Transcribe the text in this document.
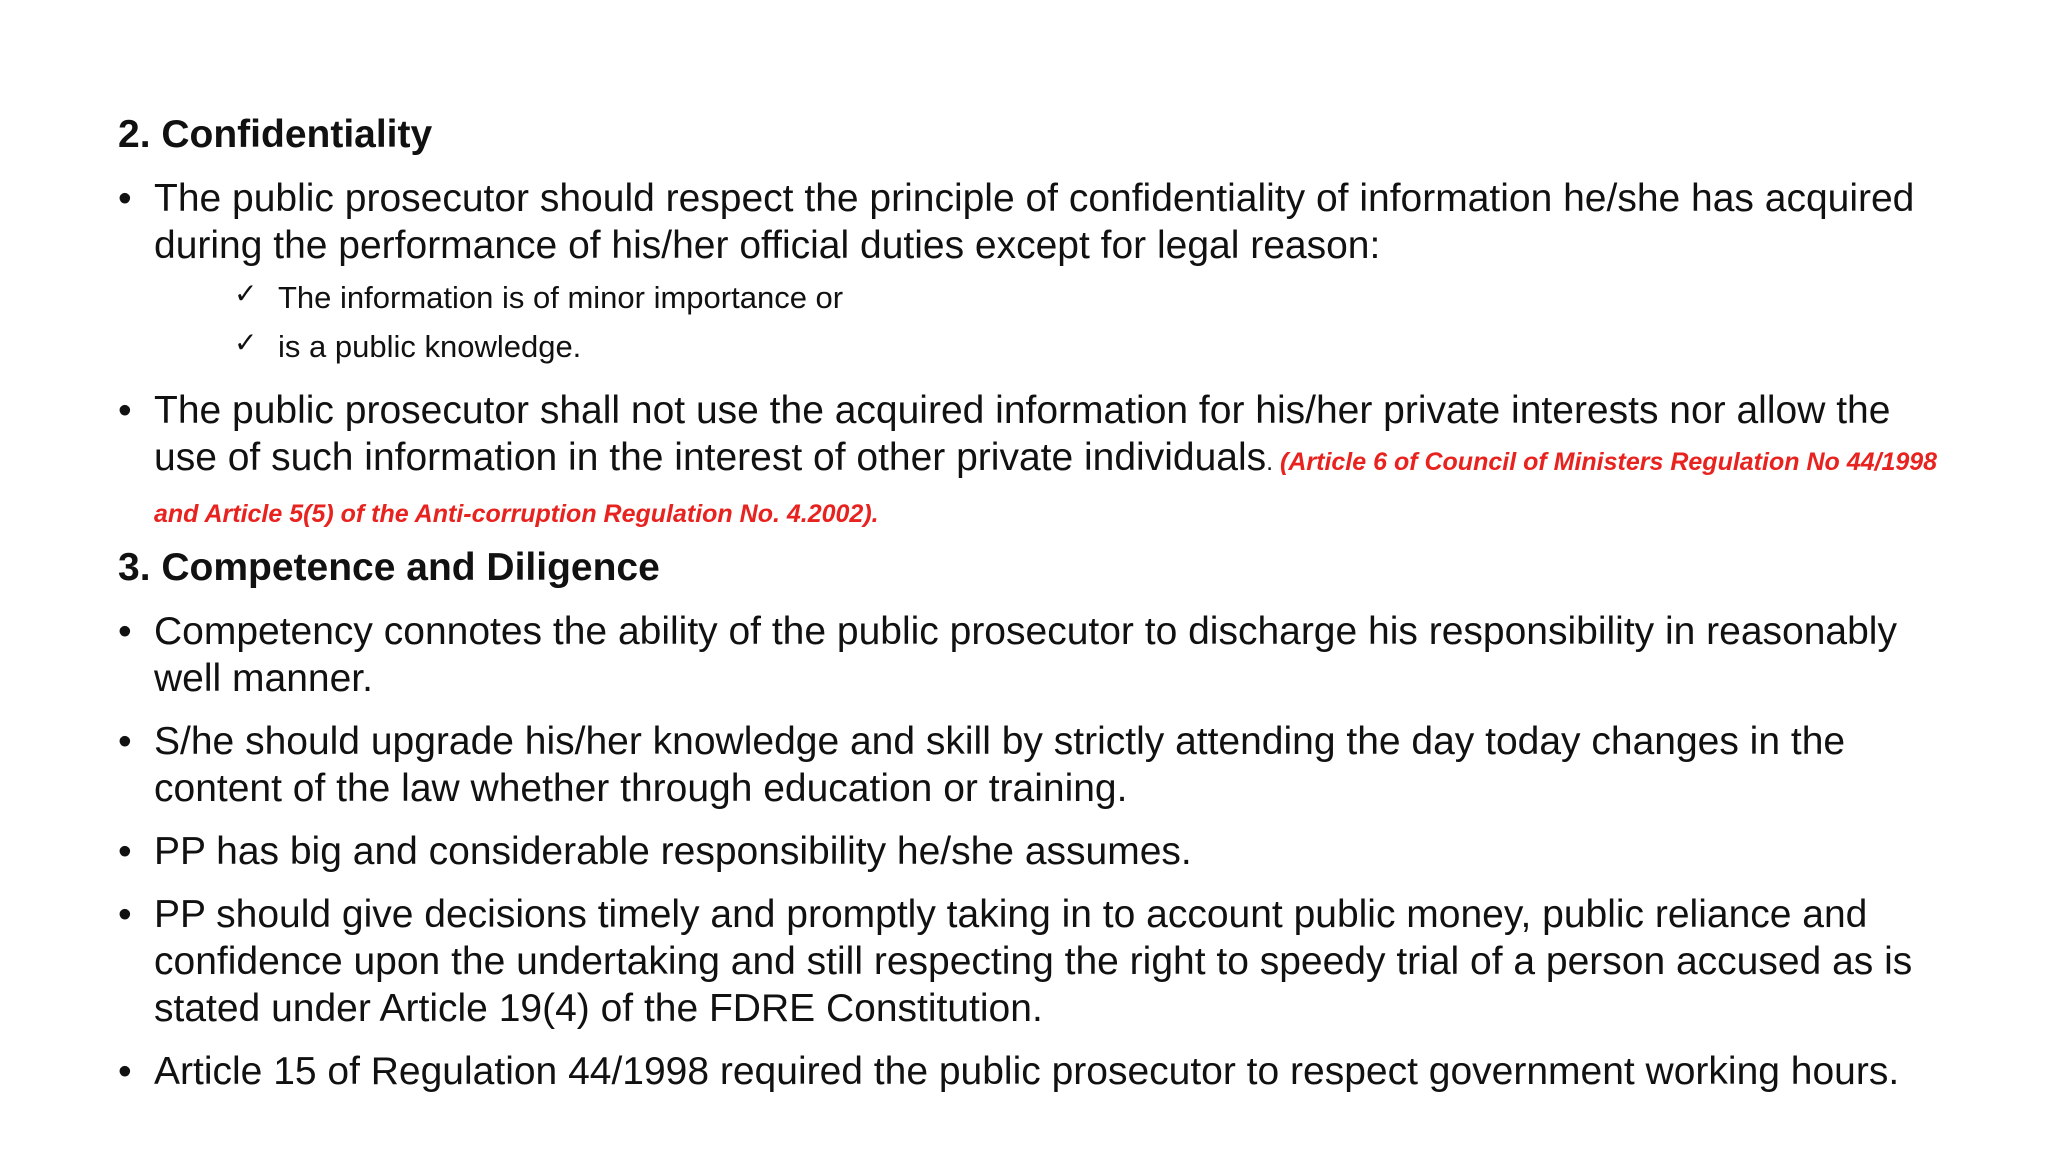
2. Confidentiality
• The public prosecutor should respect the principle of confidentiality of information he/she has acquired during the performance of his/her official duties except for legal reason:
✓ The information is of minor importance or
✓ is a public knowledge.
• The public prosecutor shall not use the acquired information for his/her private interests nor allow the use of such information in the interest of other private individuals. (Article 6 of Council of Ministers Regulation No 44/1998 and Article 5(5) of the Anti-corruption Regulation No. 4.2002).
3. Competence and Diligence
• Competency connotes the ability of the public prosecutor to discharge his responsibility in reasonably well manner.
• S/he should upgrade his/her knowledge and skill by strictly attending the day today changes in the content of the law whether through education or training.
• PP has big and considerable responsibility he/she assumes.
• PP should give decisions timely and promptly taking in to account public money, public reliance and confidence upon the undertaking and still respecting the right to speedy trial of a person accused as is stated under Article 19(4) of the FDRE Constitution.
• Article 15 of Regulation 44/1998 required the public prosecutor to respect government working hours.
